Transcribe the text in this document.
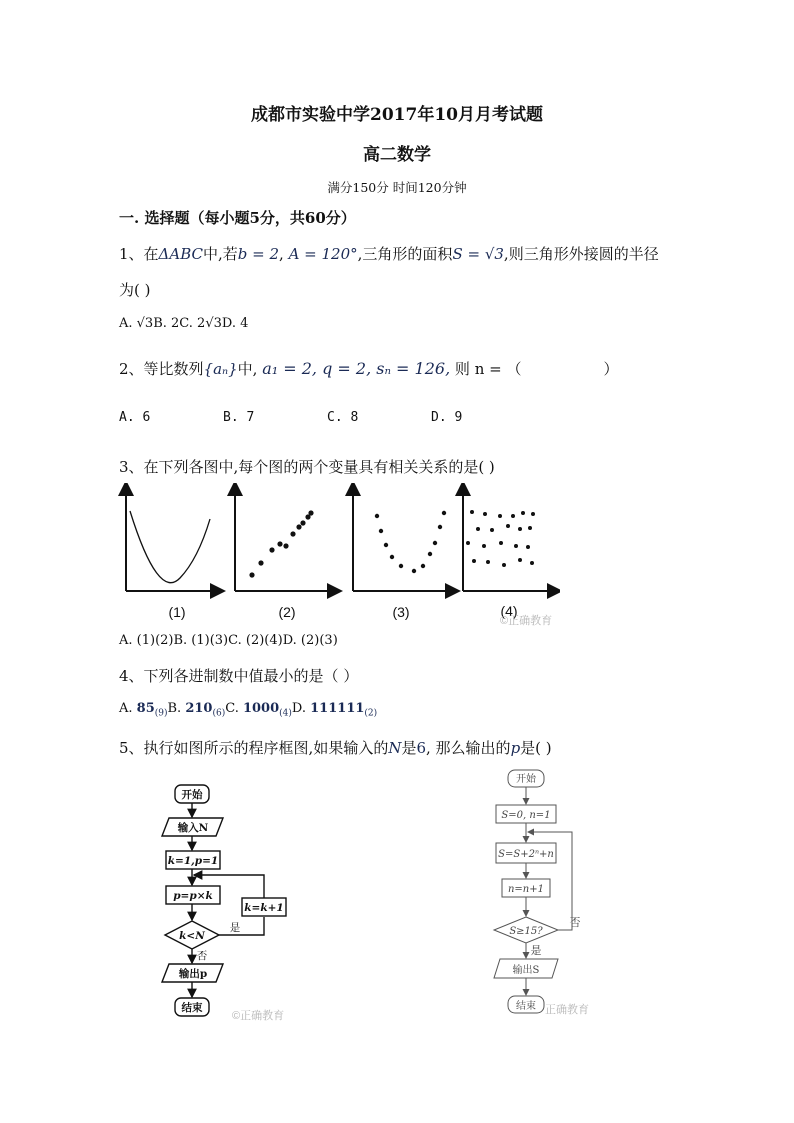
成都市实验中学2017年10月月考试题
高二数学
满分150分 时间120分钟
一. 选择题（每小题5分，共60分）
1、在ΔABC中,若b = 2, A = 120°,三角形的面积S = √3,则三角形外接圆的半径
为( )
A. √3B. 2C. 2√3D. 4
2、等比数列{aₙ}中, a₁ = 2, q = 2, sₙ = 126, 则 n = （	）
A. 6	B. 7	C. 8	D. 9
3、在下列各图中,每个图的两个变量具有相关关系的是( )
(1)	(2)	(3)	(4)
©正确教育
A. (1)(2)B. (1)(3)C. (2)(4)D. (2)(3)
4、下列各进制数中值最小的是（ ）
A. $85_{(9)}B$. $210_{(6)}C$. $1000_{(4)}D$. $111111_{(2)}$
5、执行如图所示的程序框图,如果输入的N是6, 那么输出的p是( )
开始
输入N
k=1,p=1
p=p×k
k<N
k=k+1
是
否
输出p
结束
©正确教育
开始
S=0, n=1
S=S+2ⁿ+n
n=n+1
S≥15?
否
是
输出S
结束 正确教育
